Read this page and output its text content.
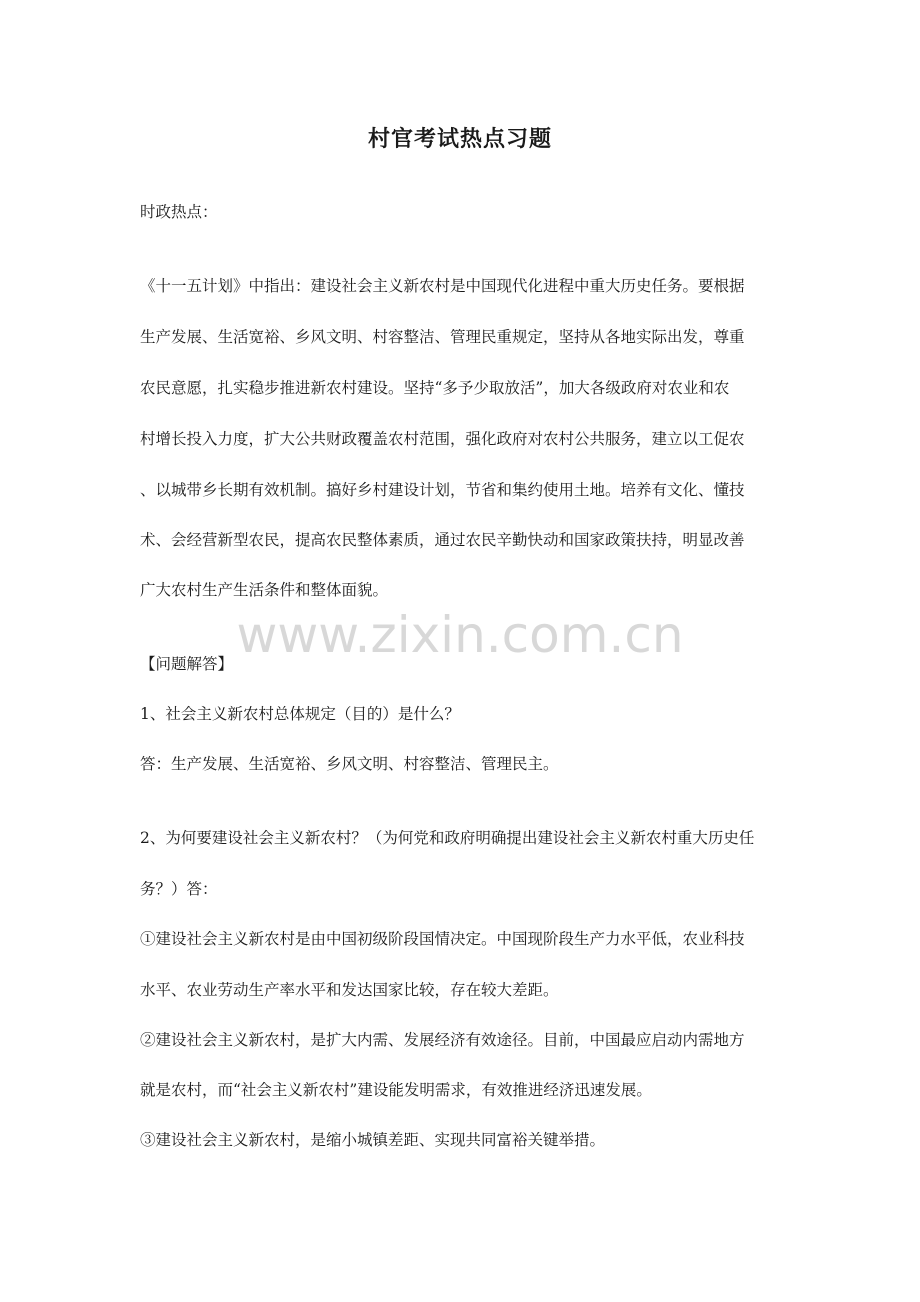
村官考试热点习题
时政热点：
《十一五计划》中指出：建设社会主义新农村是中国现代化进程中重大历史任务。要根据
生产发展、生活宽裕、乡风文明、村容整洁、管理民重规定，坚持从各地实际出发，尊重
农民意愿，扎实稳步推进新农村建设。坚持“多予少取放活”，加大各级政府对农业和农
村增长投入力度，扩大公共财政覆盖农村范围，强化政府对农村公共服务，建立以工促农
、以城带乡长期有效机制。搞好乡村建设计划，节省和集约使用土地。培养有文化、懂技
术、会经营新型农民，提高农民整体素质，通过农民辛勤快动和国家政策扶持，明显改善
广大农村生产生活条件和整体面貌。
www.zixin.com.cn
【问题解答】
1、社会主义新农村总体规定（目的）是什么？
答：生产发展、生活宽裕、乡风文明、村容整洁、管理民主。
2、为何要建设社会主义新农村？（为何党和政府明确提出建设社会主义新农村重大历史任
务？）答：
①建设社会主义新农村是由中国初级阶段国情决定。中国现阶段生产力水平低，农业科技
水平、农业劳动生产率水平和发达国家比较，存在较大差距。
②建设社会主义新农村，是扩大内需、发展经济有效途径。目前，中国最应启动内需地方
就是农村，而“社会主义新农村”建设能发明需求，有效推进经济迅速发展。
③建设社会主义新农村，是缩小城镇差距、实现共同富裕关键举措。
